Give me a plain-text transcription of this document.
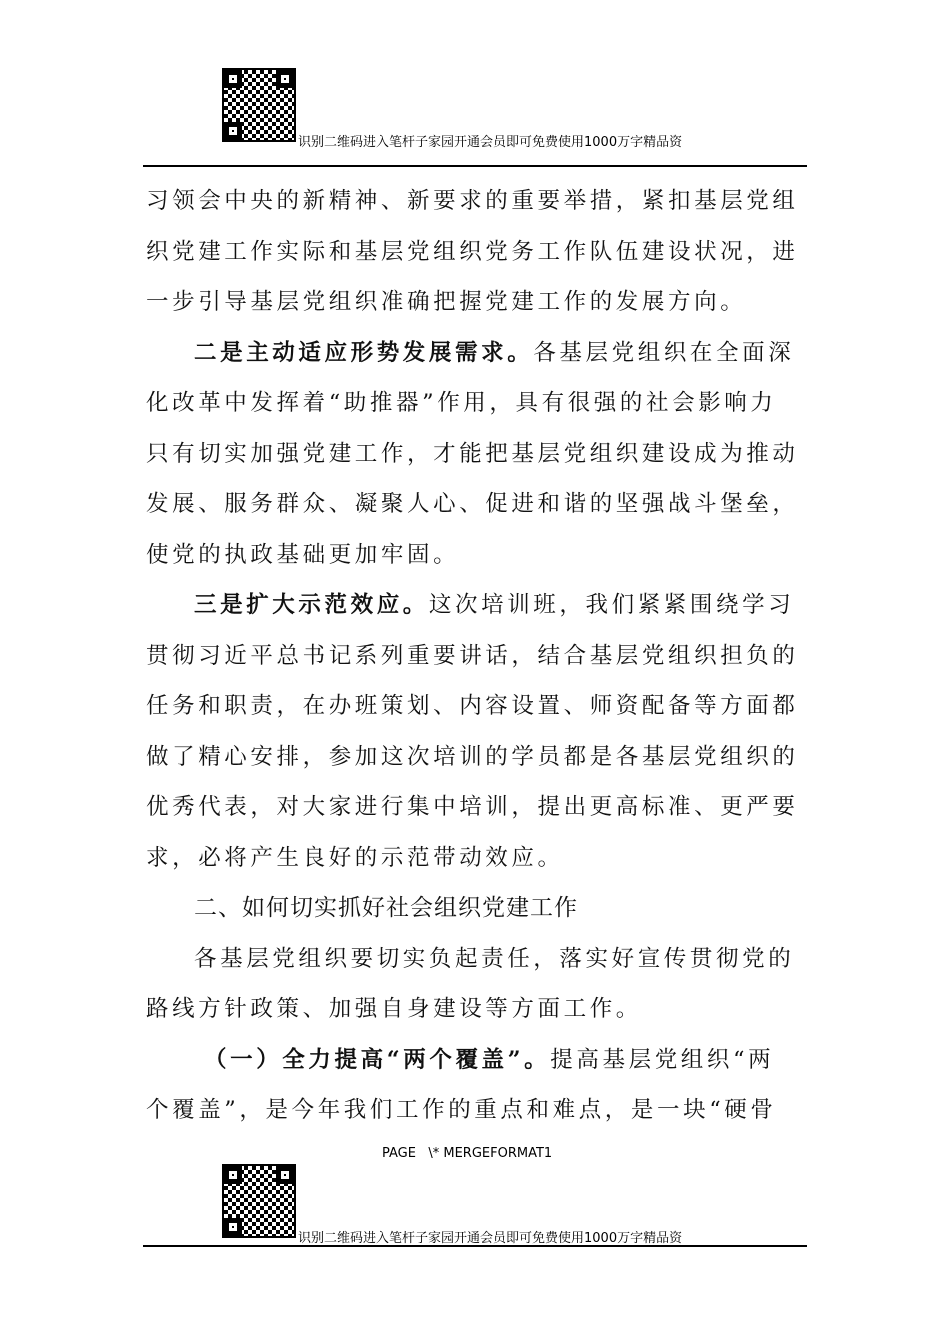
识别二维码进入笔杆子家园开通会员即可免费使用1000万字精品资
习领会中央的新精神、新要求的重要举措，紧扣基层党组
织党建工作实际和基层党组织党务工作队伍建设状况，进
一步引导基层党组织准确把握党建工作的发展方向。
二是主动适应形势发展需求。各基层党组织在全面深
化改革中发挥着“助推器”作用，具有很强的社会影响力
只有切实加强党建工作，才能把基层党组织建设成为推动
发展、服务群众、凝聚人心、促进和谐的坚强战斗堡垒，
使党的执政基础更加牢固。
三是扩大示范效应。这次培训班，我们紧紧围绕学习
贯彻习近平总书记系列重要讲话，结合基层党组织担负的
任务和职责，在办班策划、内容设置、师资配备等方面都
做了精心安排，参加这次培训的学员都是各基层党组织的
优秀代表，对大家进行集中培训，提出更高标准、更严要
求，必将产生良好的示范带动效应。
二、如何切实抓好社会组织党建工作
各基层党组织要切实负起责任，落实好宣传贯彻党的
路线方针政策、加强自身建设等方面工作。
（一）全力提高“两个覆盖”。提高基层党组织“两
个覆盖”，是今年我们工作的重点和难点，是一块“硬骨
PAGE   \* MERGEFORMAT1
识别二维码进入笔杆子家园开通会员即可免费使用1000万字精品资
